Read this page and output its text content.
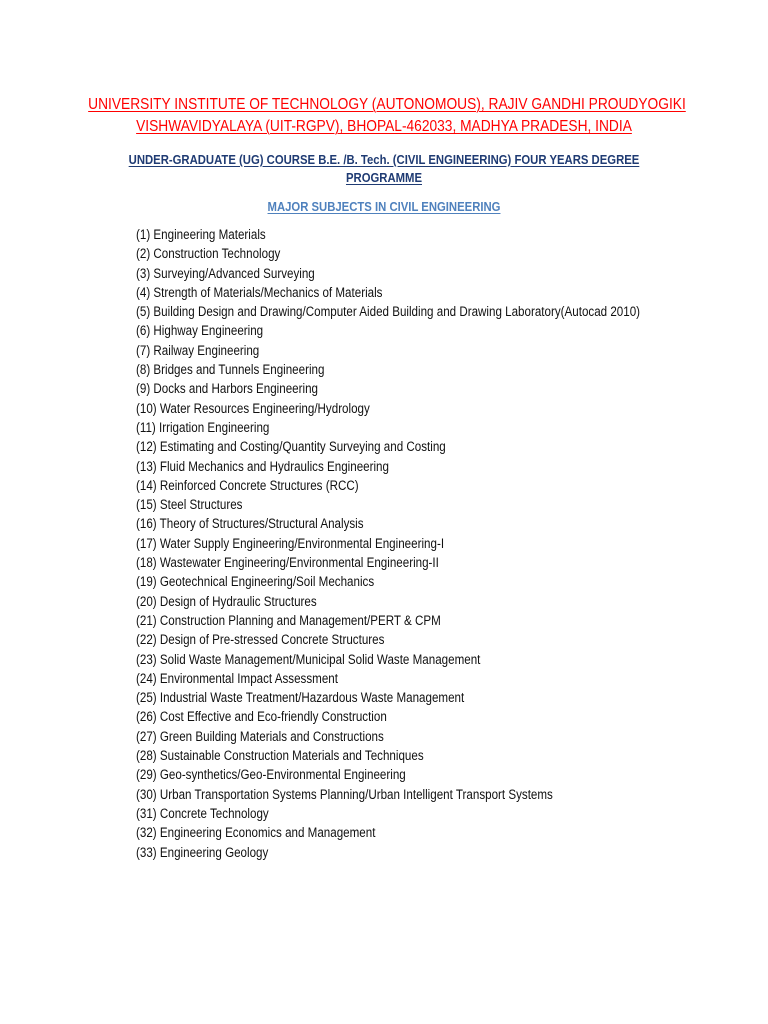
UNIVERSITY INSTITUTE OF TECHNOLOGY (AUTONOMOUS), RAJIV GANDHI PROUDYOGIKI
VISHWAVIDYALAYA (UIT-RGPV), BHOPAL-462033, MADHYA PRADESH, INDIA
UNDER-GRADUATE (UG) COURSE B.E. /B. Tech. (CIVIL ENGINEERING) FOUR YEARS DEGREE
PROGRAMME
MAJOR SUBJECTS IN CIVIL ENGINEERING
(1) Engineering Materials
(2) Construction Technology
(3) Surveying/Advanced Surveying
(4) Strength of Materials/Mechanics of Materials
(5) Building Design and Drawing/Computer Aided Building and Drawing Laboratory(Autocad 2010)
(6) Highway Engineering
(7) Railway Engineering
(8) Bridges and Tunnels Engineering
(9) Docks and Harbors Engineering
(10) Water Resources Engineering/Hydrology
(11) Irrigation Engineering
(12) Estimating and Costing/Quantity Surveying and Costing
(13) Fluid Mechanics and Hydraulics Engineering
(14) Reinforced Concrete Structures (RCC)
(15) Steel Structures
(16) Theory of Structures/Structural Analysis
(17) Water Supply Engineering/Environmental Engineering-I
(18) Wastewater Engineering/Environmental Engineering-II
(19) Geotechnical Engineering/Soil Mechanics
(20) Design of Hydraulic Structures
(21) Construction Planning and Management/PERT & CPM
(22) Design of Pre-stressed Concrete Structures
(23) Solid Waste Management/Municipal Solid Waste Management
(24) Environmental Impact Assessment
(25) Industrial Waste Treatment/Hazardous Waste Management
(26) Cost Effective and Eco-friendly Construction
(27) Green Building Materials and Constructions
(28) Sustainable Construction Materials and Techniques
(29) Geo-synthetics/Geo-Environmental Engineering
(30) Urban Transportation Systems Planning/Urban Intelligent Transport Systems
(31) Concrete Technology
(32) Engineering Economics and Management
(33) Engineering Geology
